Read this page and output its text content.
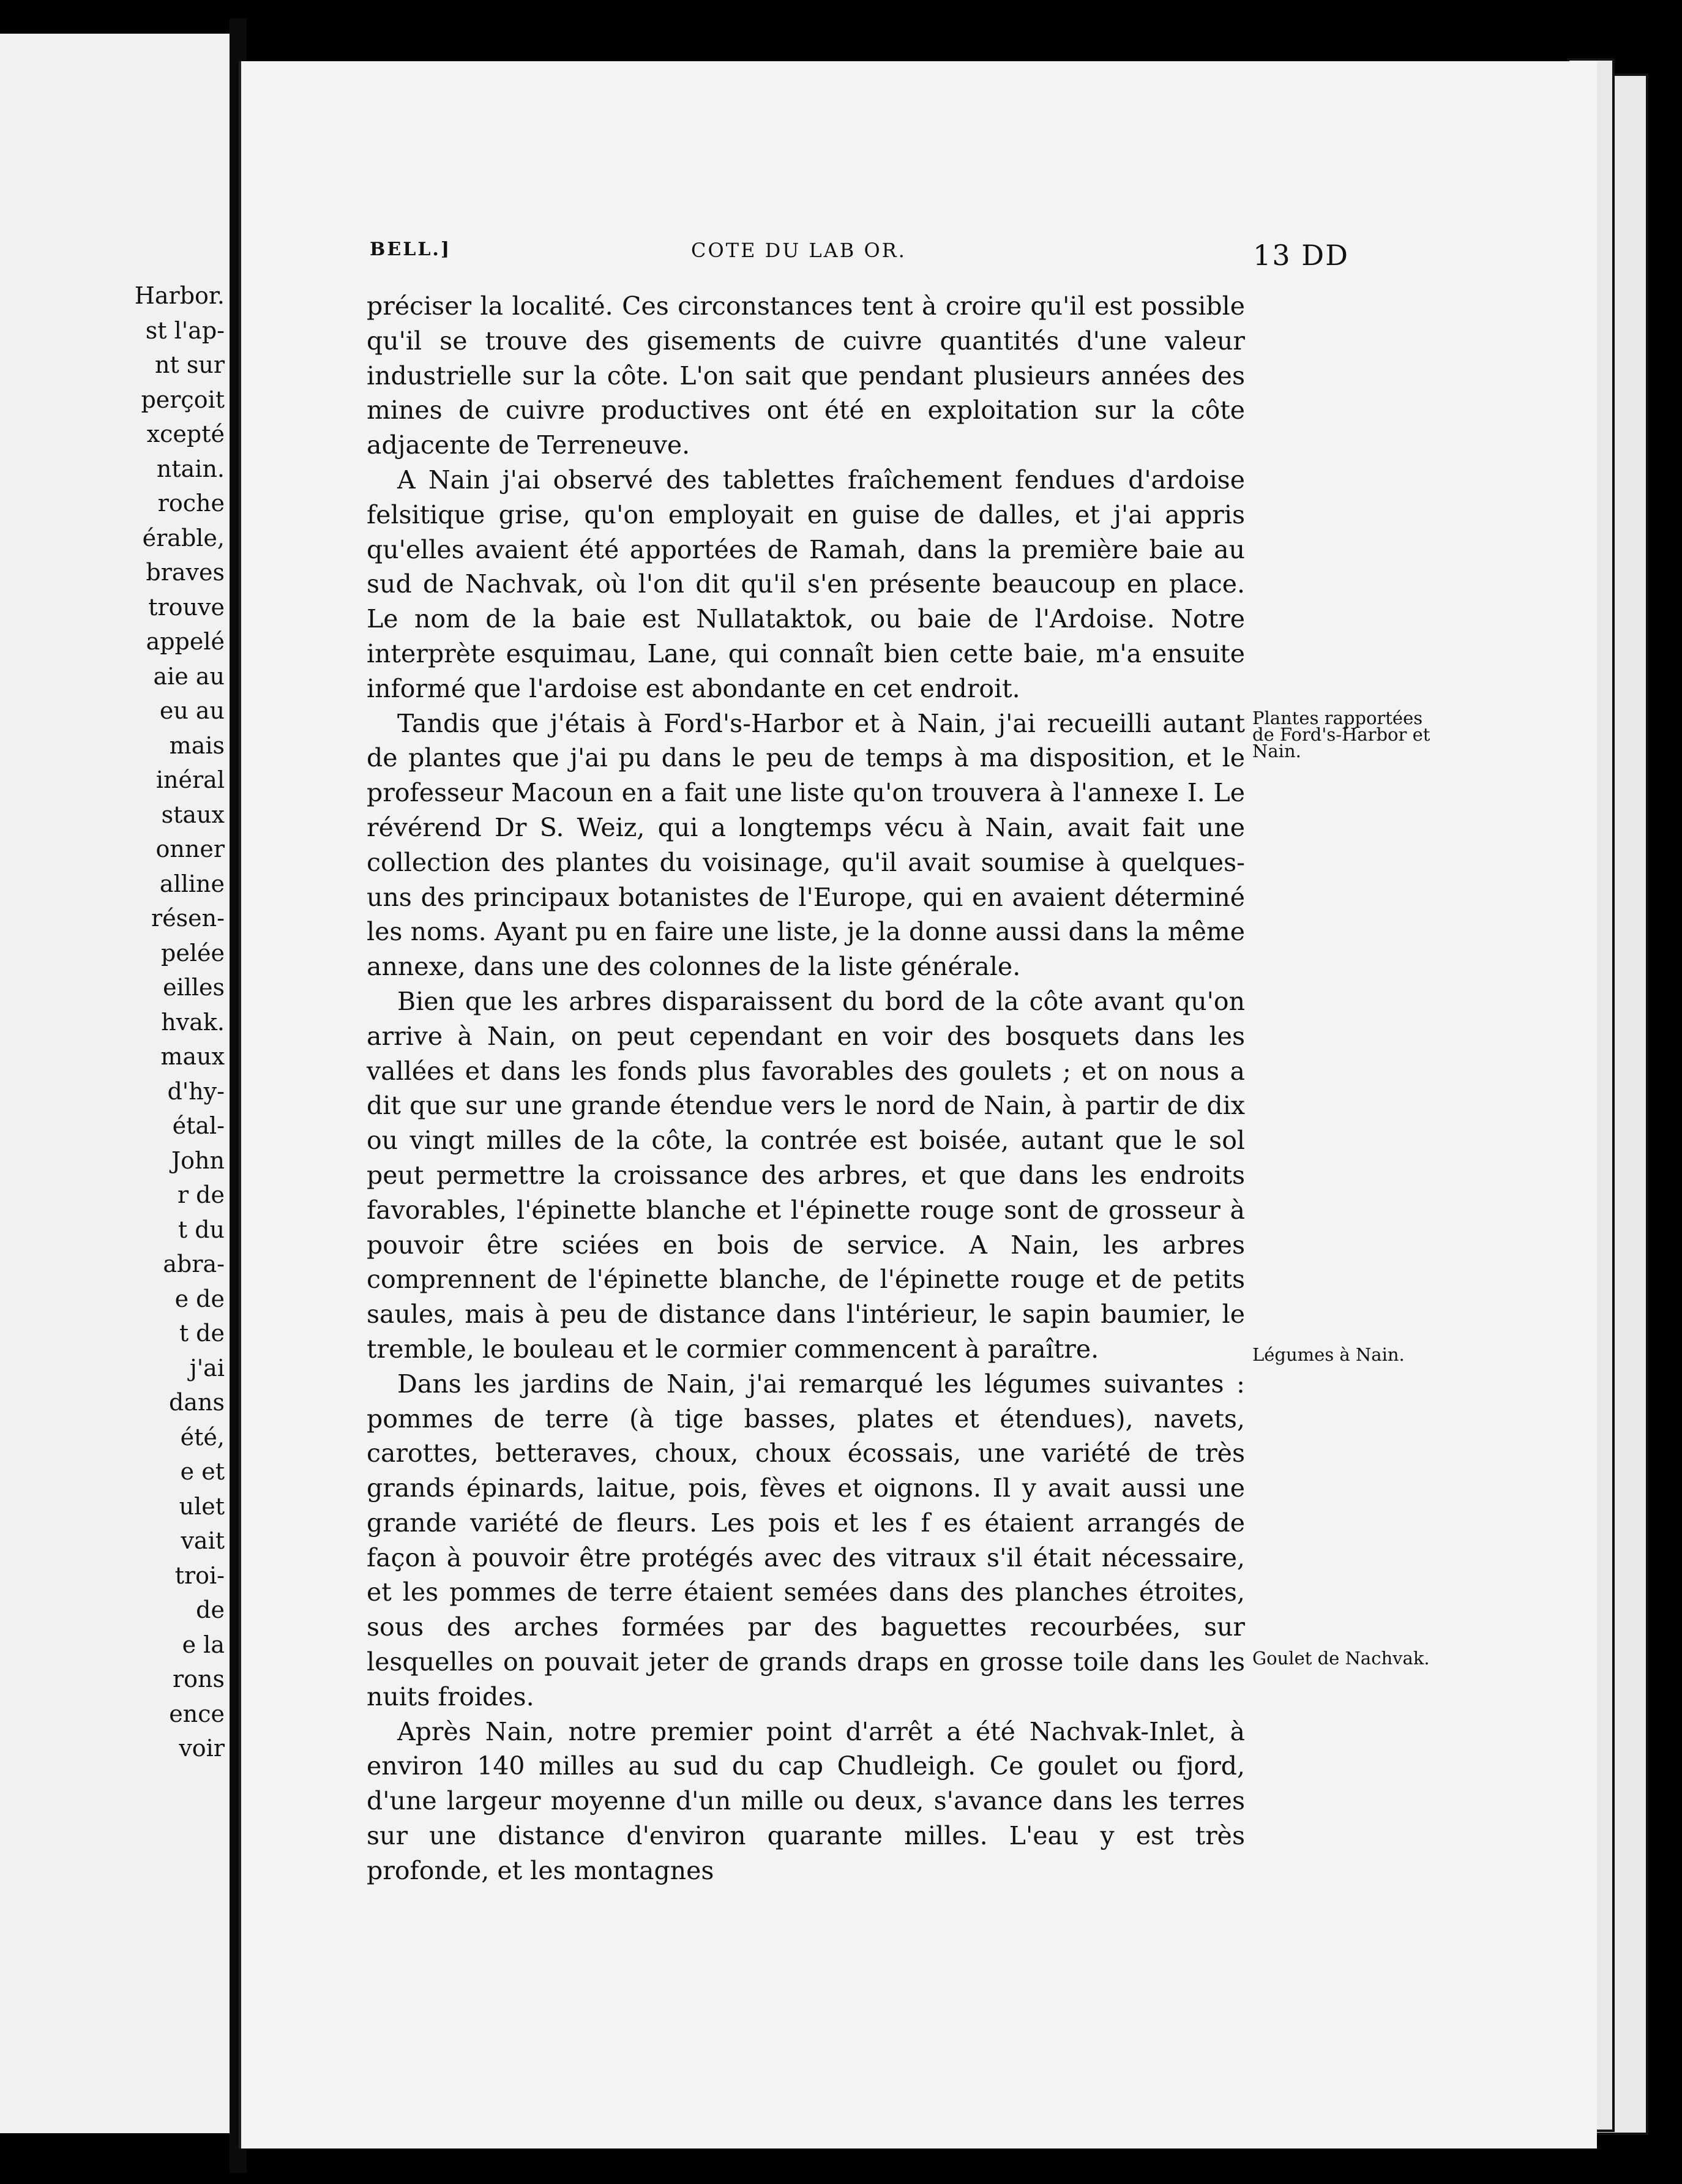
Harbor.
st l'ap-
nt sur
perçoit
xcepté
ntain.
roche
érable,
braves
trouve
appelé
aie au
eu au
mais
inéral
staux
onner
alline
résen-
pelée
eilles
hvak.
maux
d'hy-
étal-
John
r de
t du
abra-
e de
t de
j'ai
dans
été,
e et
ulet
vait
troi-
de
e la
rons
ence
voir
BELL.]	COTE DU LAB OR.	13 DD

préciser la localité. Ces circonstances tent à croire qu'il est possible qu'il se trouve des gisements de cuivre quantités d'une valeur industrielle sur la côte. L'on sait que pendant plusieurs années des mines de cuivre productives ont été en exploitation sur la côte adjacente de Terreneuve.

A Nain j'ai observé des tablettes fraîchement fendues d'ardoise felsitique grise, qu'on employait en guise de dalles, et j'ai appris qu'elles avaient été apportées de Ramah, dans la première baie au sud de Nachvak, où l'on dit qu'il s'en présente beaucoup en place. Le nom de la baie est Nullataktok, ou baie de l'Ardoise. Notre interprète esquimau, Lane, qui connaît bien cette baie, m'a ensuite informé que l'ardoise est abondante en cet endroit.

Tandis que j'étais à Ford's-Harbor et à Nain, j'ai recueilli autant de plantes que j'ai pu dans le peu de temps à ma disposition, et le professeur Macoun en a fait une liste qu'on trouvera à l'annexe I. Le révérend Dr S. Weiz, qui a longtemps vécu à Nain, avait fait une collection des plantes du voisinage, qu'il avait soumise à quelques-uns des principaux botanistes de l'Europe, qui en avaient déterminé les noms. Ayant pu en faire une liste, je la donne aussi dans la même annexe, dans une des colonnes de la liste générale.

Bien que les arbres disparaissent du bord de la côte avant qu'on arrive à Nain, on peut cependant en voir des bosquets dans les vallées et dans les fonds plus favorables des goulets ; et on nous a dit que sur une grande étendue vers le nord de Nain, à partir de dix ou vingt milles de la côte, la contrée est boisée, autant que le sol peut permettre la croissance des arbres, et que dans les endroits favorables, l'épinette blanche et l'épinette rouge sont de grosseur à pouvoir être sciées en bois de service. A Nain, les arbres comprennent de l'épinette blanche, de l'épinette rouge et de petits saules, mais à peu de distance dans l'intérieur, le sapin baumier, le tremble, le bouleau et le cormier commencent à paraître.

Dans les jardins de Nain, j'ai remarqué les légumes suivantes : pommes de terre (à tige basses, plates et étendues), navets, carottes, betteraves, choux, choux écossais, une variété de très grands épinards, laitue, pois, fèves et oignons. Il y avait aussi une grande variété de fleurs. Les pois et les f es étaient arrangés de façon à pouvoir être protégés avec des vitraux s'il était nécessaire, et les pommes de terre étaient semées dans des planches étroites, sous des arches formées par des baguettes recourbées, sur lesquelles on pouvait jeter de grands draps en grosse toile dans les nuits froides.

Après Nain, notre premier point d'arrêt a été Nachvak-Inlet, à environ 140 milles au sud du cap Chudleigh. Ce goulet ou fjord, d'une largeur moyenne d'un mille ou deux, s'avance dans les terres sur une distance d'environ quarante milles. L'eau y est très profonde, et les montagnes

Plantes rapportées de Ford's-Harbor et Nain.
Légumes à Nain.
Goulet de Nachvak.
